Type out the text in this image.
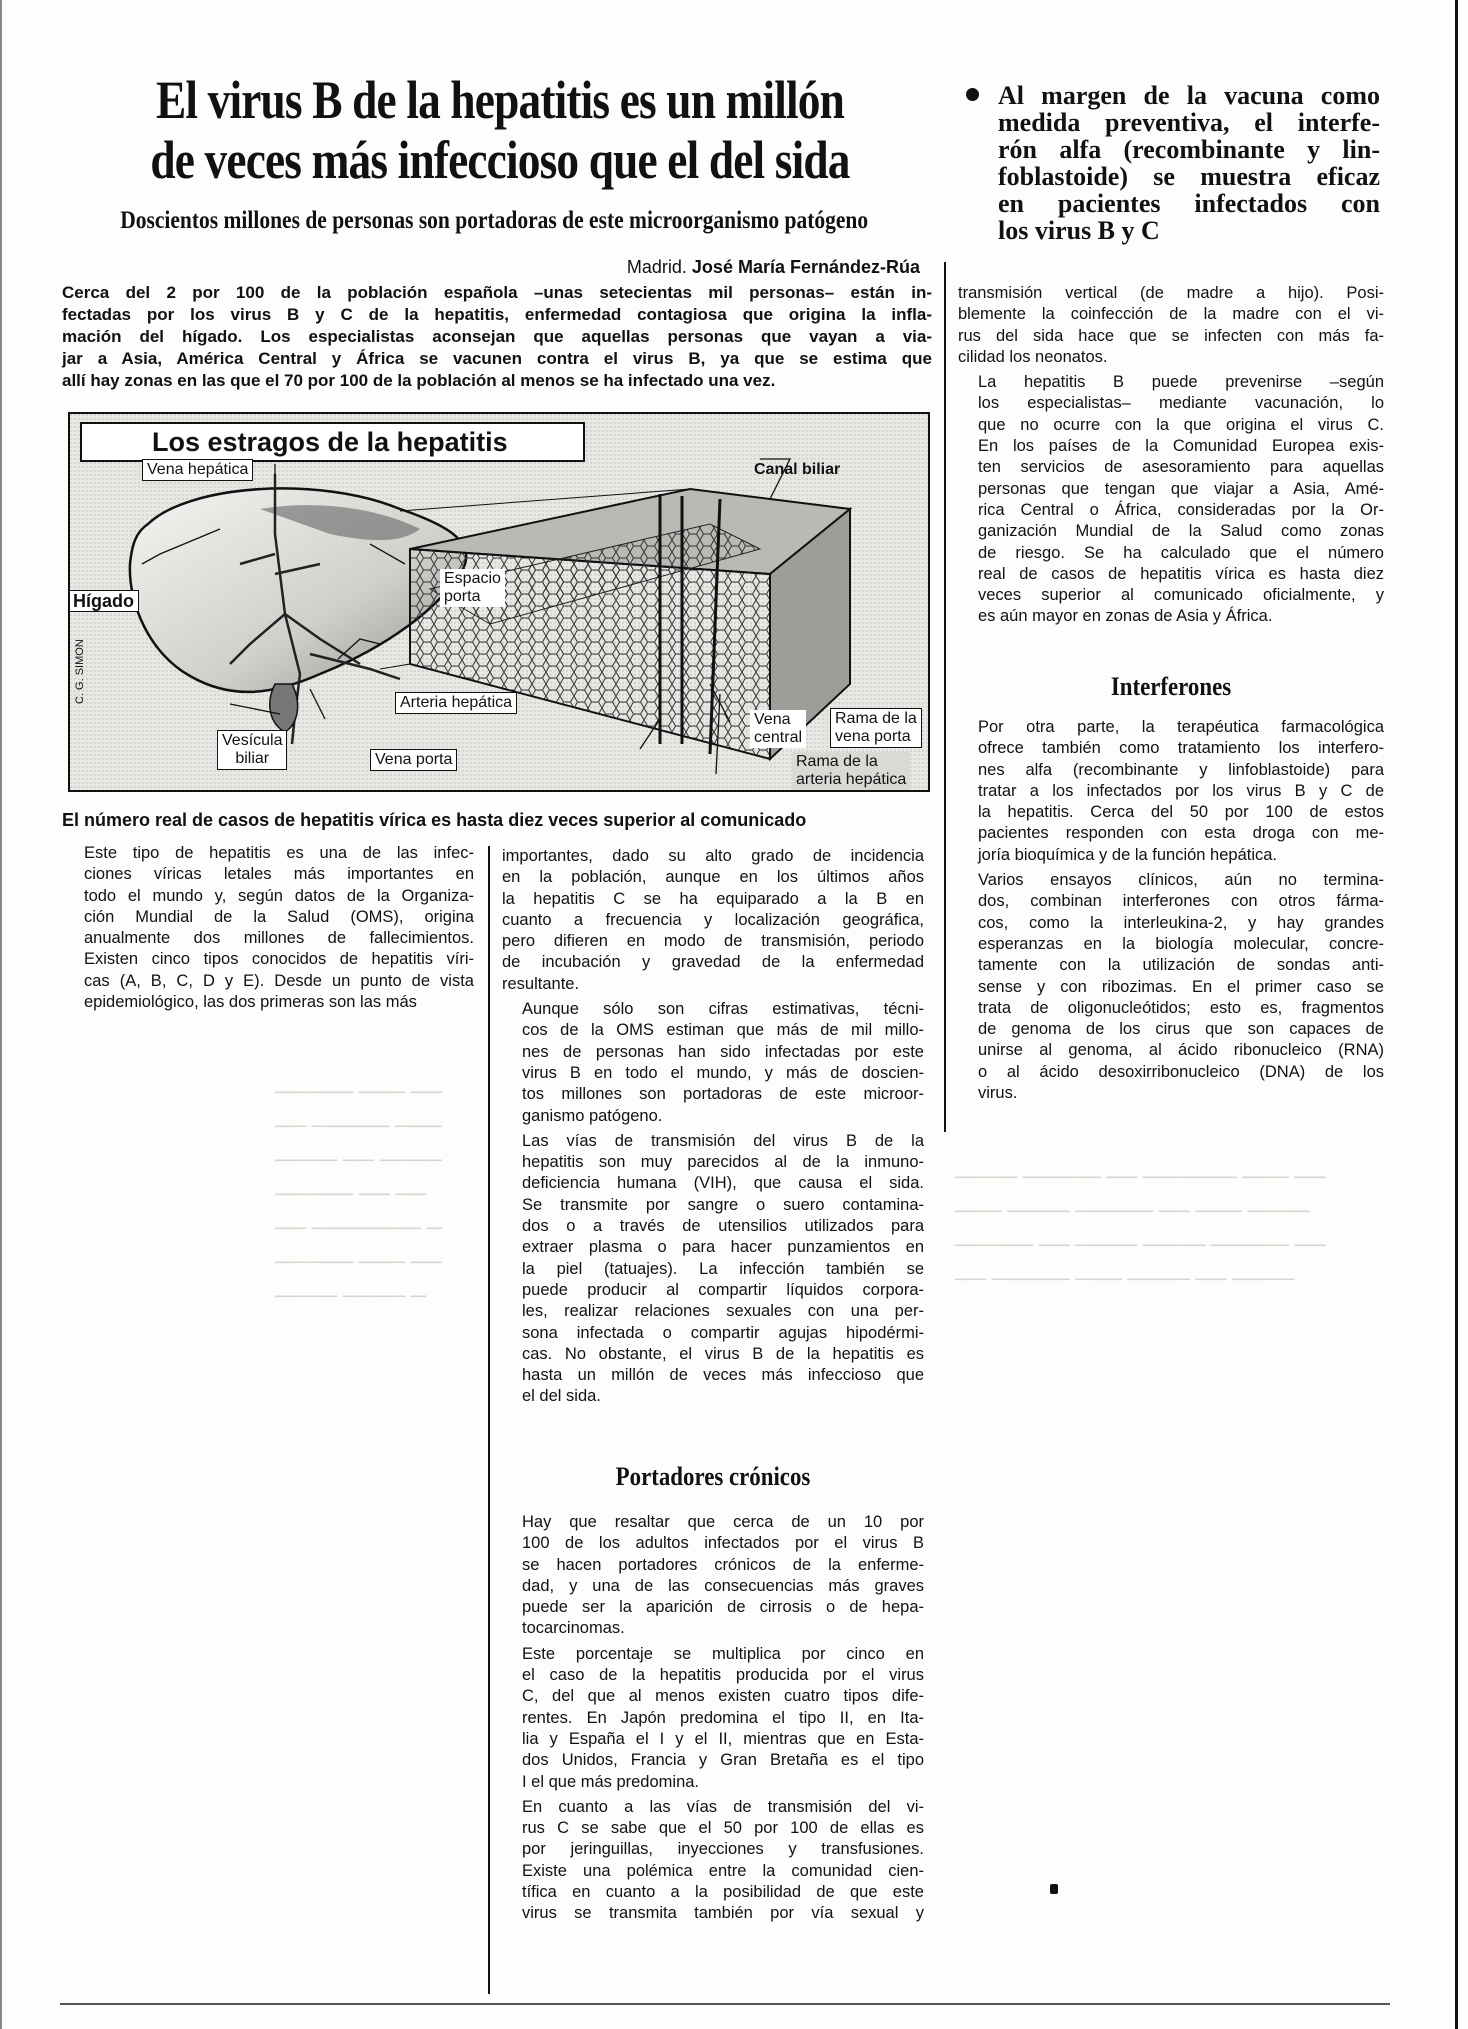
───── ─── ──
── ───── ───
──── ── ────
───── ── ──
── ─────── ─
───── ─── ──
──── ──── ─
──── ───── ── ────── ─── ──
─── ──── ───── ── ─── ────
───── ── ──── ──── ───── ──
── ───── ─── ──── ── ────
El virus B de la hepatitis es un millón
de veces más infeccioso que el del sida
Doscientos millones de personas son portadoras de este microorganismo patógeno
Madrid. José María Fernández-Rúa
Cerca del 2 por 100 de la población española –unas setecientas mil personas– están in-
fectadas por los virus B y C de la hepatitis, enfermedad contagiosa que origina la infla-
mación del hígado. Los especialistas aconsejan que aquellas personas que vayan a via-
jar a Asia, América Central y África se vacunen contra el virus B, ya que se estima que
allí hay zonas en las que el 70 por 100 de la población al menos se ha infectado una vez.
Al margen de la vacuna como
medida preventiva, el interfe-
rón alfa (recombinante y lin-
foblastoide) se muestra eficaz
en pacientes infectados con
los virus B y C
Los estragos de la hepatitis
Vena hepática	Canal biliar
Hígado
Espacio
porta
Arteria hepática
Vesícula
biliar	Vena porta
Vena
central
Rama de la
vena porta
Rama de la
arteria hepática
C. G. SIMON
El número real de casos de hepatitis vírica es hasta diez veces superior al comunicado

Este tipo de hepatitis es una de las infec-
ciones víricas letales más importantes en
todo el mundo y, según datos de la Organiza-
ción Mundial de la Salud (OMS), origina
anualmente dos millones de fallecimientos.
Existen cinco tipos conocidos de hepatitis víri-
cas (A, B, C, D y E). Desde un punto de vista
epidemiológico, las dos primeras son las más

importantes, dado su alto grado de incidencia
en la población, aunque en los últimos años
la hepatitis C se ha equiparado a la B en
cuanto a frecuencia y localización geográfica,
pero difieren en modo de transmisión, periodo
de incubación y gravedad de la enfermedad
resultante.

Aunque sólo son cifras estimativas, técni-
cos de la OMS estiman que más de mil millo-
nes de personas han sido infectadas por este
virus B en todo el mundo, y más de doscien-
tos millones son portadoras de este microor-
ganismo patógeno.

Las vías de transmisión del virus B de la
hepatitis son muy parecidos al de la inmuno-
deficiencia humana (VIH), que causa el sida.
Se transmite por sangre o suero contamina-
dos o a través de utensilios utilizados para
extraer plasma o para hacer punzamientos en
la piel (tatuajes). La infección también se
puede producir al compartir líquidos corpora-
les, realizar relaciones sexuales con una per-
sona infectada o compartir agujas hipodérmi-
cas. No obstante, el virus B de la hepatitis es
hasta un millón de veces más infeccioso que
el del sida.

Portadores crónicos

Hay que resaltar que cerca de un 10 por
100 de los adultos infectados por el virus B
se hacen portadores crónicos de la enferme-
dad, y una de las consecuencias más graves
puede ser la aparición de cirrosis o de hepa-
tocarcinomas.

Este porcentaje se multiplica por cinco en
el caso de la hepatitis producida por el virus
C, del que al menos existen cuatro tipos dife-
rentes. En Japón predomina el tipo II, en Ita-
lia y España el I y el II, mientras que en Esta-
dos Unidos, Francia y Gran Bretaña es el tipo
I el que más predomina.

En cuanto a las vías de transmisión del vi-
rus C se sabe que el 50 por 100 de ellas es
por jeringuillas, inyecciones y transfusiones.
Existe una polémica entre la comunidad cien-
tífica en cuanto a la posibilidad de que este
virus se transmita también por vía sexual y

transmisión vertical (de madre a hijo). Posi-
blemente la coinfección de la madre con el vi-
rus del sida hace que se infecten con más fa-
cilidad los neonatos.

La hepatitis B puede prevenirse –según
los especialistas– mediante vacunación, lo
que no ocurre con la que origina el virus C.
En los países de la Comunidad Europea exis-
ten servicios de asesoramiento para aquellas
personas que tengan que viajar a Asia, Amé-
rica Central o África, consideradas por la Or-
ganización Mundial de la Salud como zonas
de riesgo. Se ha calculado que el número
real de casos de hepatitis vírica es hasta diez
veces superior al comunicado oficialmente, y
es aún mayor en zonas de Asia y África.

Interferones

Por otra parte, la terapéutica farmacológica
ofrece también como tratamiento los interfero-
nes alfa (recombinante y linfoblastoide) para
tratar a los infectados por los virus B y C de
la hepatitis. Cerca del 50 por 100 de estos
pacientes responden con esta droga con me-
joría bioquímica y de la función hepática.

Varios ensayos clínicos, aún no termina-
dos, combinan interferones con otros fárma-
cos, como la interleukina-2, y hay grandes
esperanzas en la biología molecular, concre-
tamente con la utilización de sondas anti-
sense y con ribozimas. En el primer caso se
trata de oligonucleótidos; esto es, fragmentos
de genoma de los cirus que son capaces de
unirse al genoma, al ácido ribonucleico (RNA)
o al ácido desoxirribonucleico (DNA) de los
virus.
